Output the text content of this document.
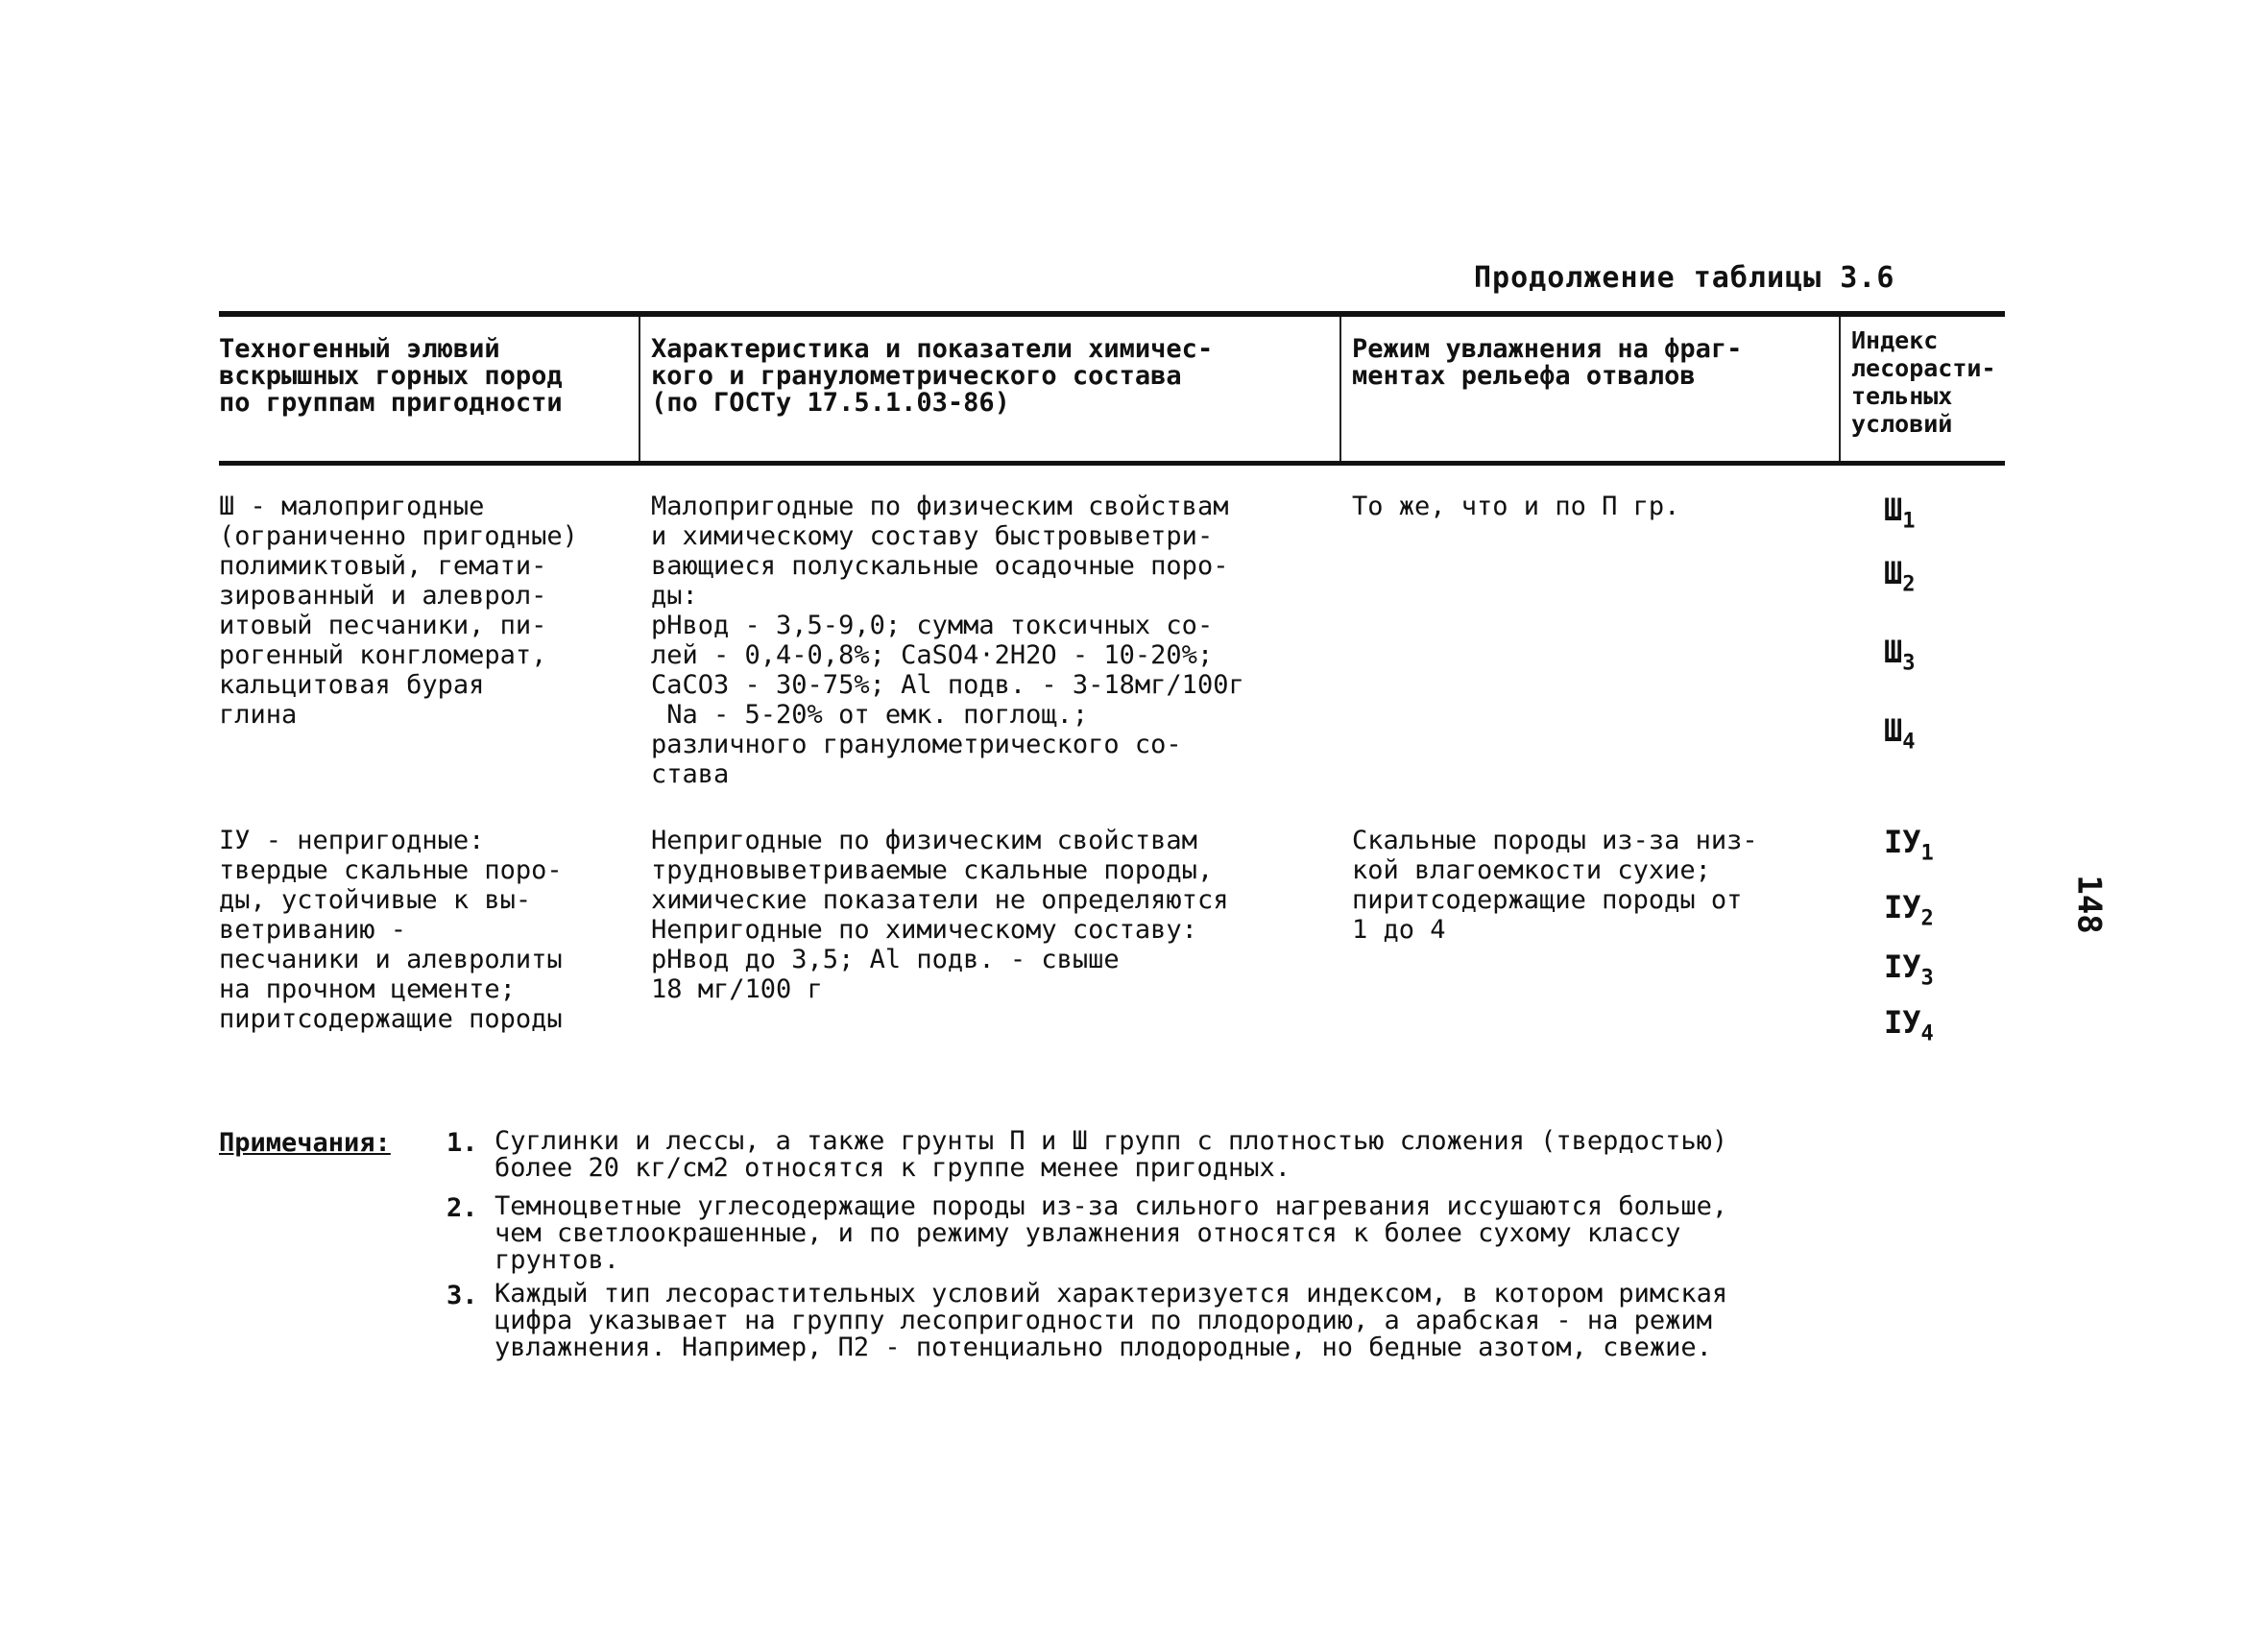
Продолжение таблицы 3.6
Техногенный элювий
вскрышных горных пород
по группам пригодности
Характеристика и показатели химичес-
кого и гранулометрического состава
(по ГОСТу 17.5.1.03-86)
Режим увлажнения на фраг-
ментах рельефа отвалов
Индекс
лесорасти-
тельных
условий
Ш - малопригодные
(ограниченно пригодные)
полимиктовый, гемати-
зированный и алеврол-
итовый песчаники, пи-
рогенный конгломерат,
кальцитовая бурая
глина
Малопригодные по физическим свойствам
и химическому составу быстровыветри-
вающиеся полускальные осадочные поро-
ды:
pHвод - 3,5-9,0; сумма токсичных со-
лей - 0,4-0,8%; CaSO4·2H2O - 10-20%;
CaCO3 - 30-75%; Al подв. - 3-18мг/100г
Na - 5-20% от емк. поглощ.;
различного гранулометрического со-
става
То же, что и по П гр.	$Ш_1$
$Ш_2$
$Ш_3$
$Ш_4$
IУ - непригодные:
твердые скальные поро-
ды, устойчивые к вы-
ветриванию -
песчаники и алевролиты
на прочном цементе;
пиритсодержащие породы
Непригодные по физическим свойствам
трудновыветриваемые скальные породы,
химические показатели не определяются
Непригодные по химическому составу:
pHвод до 3,5; Al подв. - свыше
18 мг/100 г
Скальные породы из-за низ-
кой влагоемкости сухие;
пиритсодержащие породы от
1 до 4
$IУ_1$
$IУ_2$
$IУ_3$
$IУ_4$
148
Примечания: 1. Суглинки и лессы, а также грунты П и Ш групп с плотностью сложения (твердостью)
более 20 кг/см2 относятся к группе менее пригодных.
2. Темноцветные углесодержащие породы из-за сильного нагревания иссушаются больше,
чем светлоокрашенные, и по режиму увлажнения относятся к более сухому классу
грунтов.
3. Каждый тип лесорастительных условий характеризуется индексом, в котором римская
цифра указывает на группу лесопригодности по плодородию, а арабская - на режим
увлажнения. Например, П2 - потенциально плодородные, но бедные азотом, свежие.
